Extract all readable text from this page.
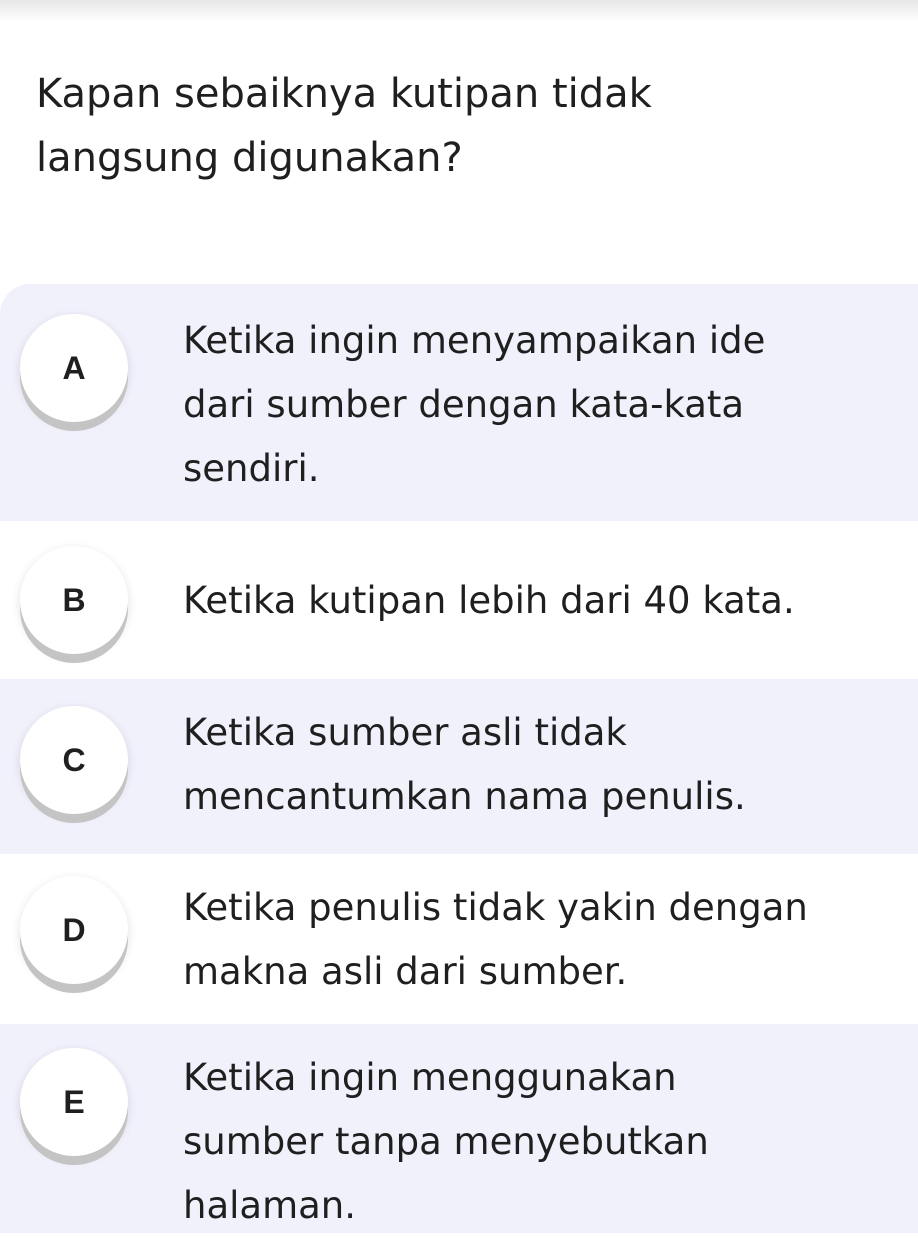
Kapan sebaiknya kutipan tidak
langsung digunakan?
A
Ketika ingin menyampaikan ide
dari sumber dengan kata-kata
sendiri.
B	Ketika kutipan lebih dari 40 kata.
C
Ketika sumber asli tidak
mencantumkan nama penulis.
D
Ketika penulis tidak yakin dengan
makna asli dari sumber.
E
Ketika ingin menggunakan
sumber tanpa menyebutkan
halaman.
